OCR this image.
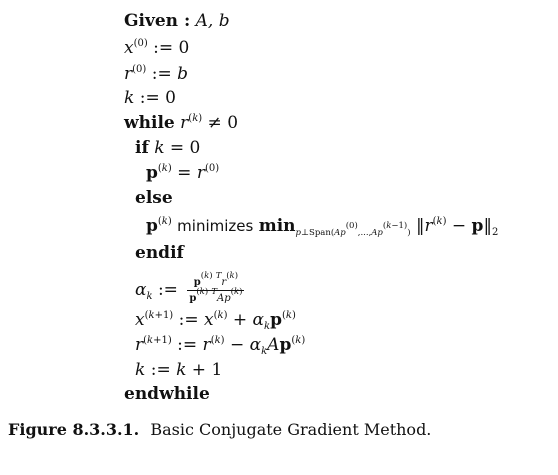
Given : A, b
$x^{(0)}$ := 0
$r^{(0)}$ := b
k := 0
while $r^{(k)} \ne 0$
if k = 0
$p^{(k)} = r^{(0)}$
else
$p^{(k)}$ minimizes $\min_{p\perp Span(Ap^{(0)},...,Ap^{(k-1)})}$ $‖r^{(k)}$ − $p‖_2$
endif
$\alpha_k$ := $\frac{p^{(k)} ^Tr^{(k)}}{p^{(k)} ^TAp^{(k)}}$
$x^{(k+1)}$ := $x^{(k)} + \alpha_kp^{(k)}$
$r^{(k+1)}$ := $r^{(k)} - \alpha_kAp^{(k)}$
k := k + 1
endwhile
Figure 8.3.3.1. Basic Conjugate Gradient Method.
